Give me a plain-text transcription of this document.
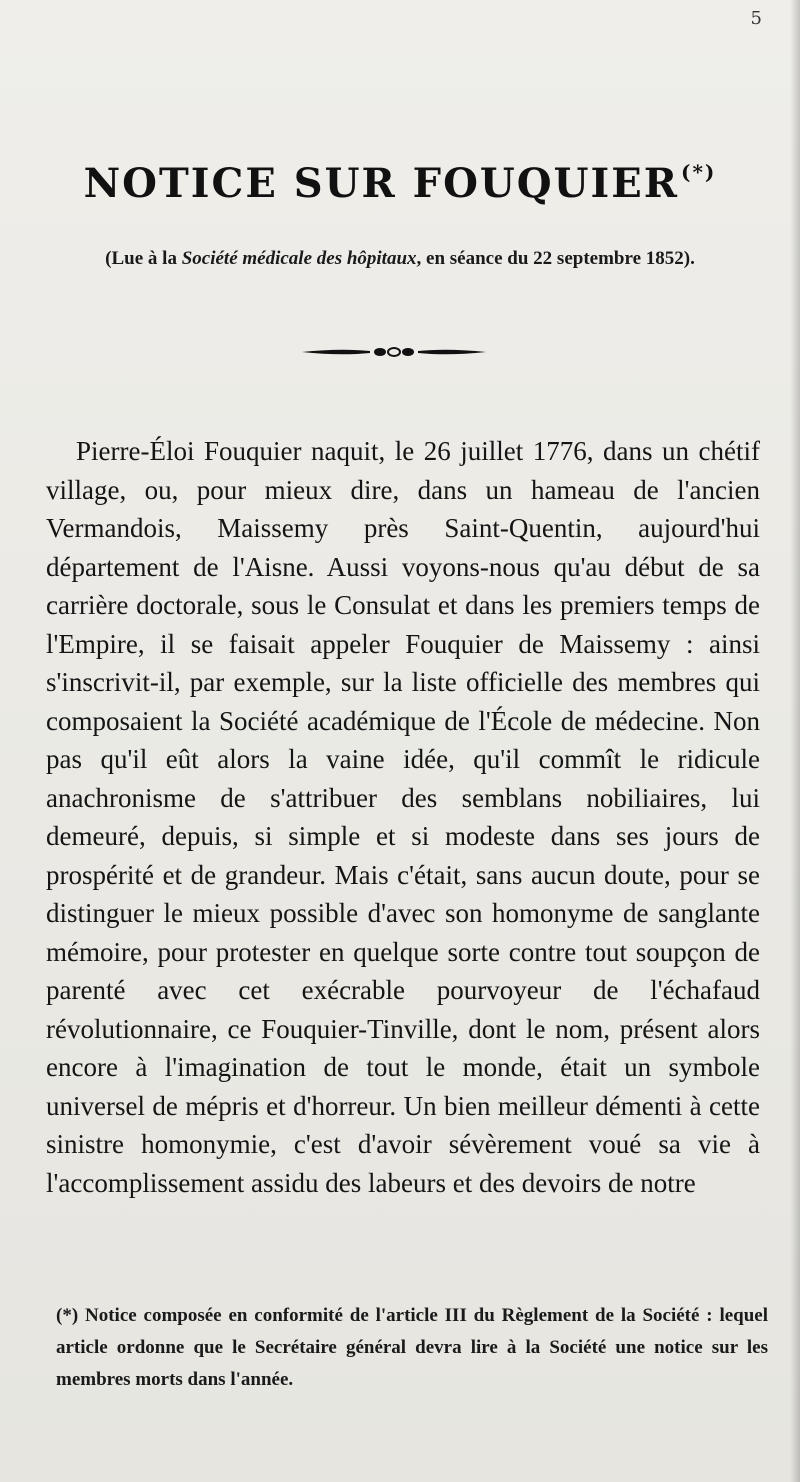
5
NOTICE SUR FOUQUIER (*)
(Lue à la Société médicale des hôpitaux, en séance du 22 septembre 1852).

Pierre-Éloi Fouquier naquit, le 26 juillet 1776, dans un chétif village, ou, pour mieux dire, dans un hameau de l'ancien Vermandois, Maissemy près Saint-Quentin, aujourd'hui département de l'Aisne. Aussi voyons-nous qu'au début de sa carrière doctorale, sous le Consulat et dans les premiers temps de l'Empire, il se faisait appeler Fouquier de Maissemy : ainsi s'inscrivit-il, par exemple, sur la liste officielle des membres qui composaient la Société académique de l'École de médecine. Non pas qu'il eût alors la vaine idée, qu'il commît le ridicule anachronisme de s'attribuer des semblans nobiliaires, lui demeuré, depuis, si simple et si modeste dans ses jours de prospérité et de grandeur. Mais c'était, sans aucun doute, pour se distinguer le mieux possible d'avec son homonyme de sanglante mémoire, pour protester en quelque sorte contre tout soupçon de parenté avec cet exécrable pourvoyeur de l'échafaud révolutionnaire, ce Fouquier-Tinville, dont le nom, présent alors encore à l'imagination de tout le monde, était un symbole universel de mépris et d'horreur. Un bien meilleur démenti à cette sinistre homonymie, c'est d'avoir sévèrement voué sa vie à l'accomplissement assidu des labeurs et des devoirs de notre

(*) Notice composée en conformité de l'article III du Règlement de la Société : lequel article ordonne que le Secrétaire général devra lire à la Société une notice sur les membres morts dans l'année.
